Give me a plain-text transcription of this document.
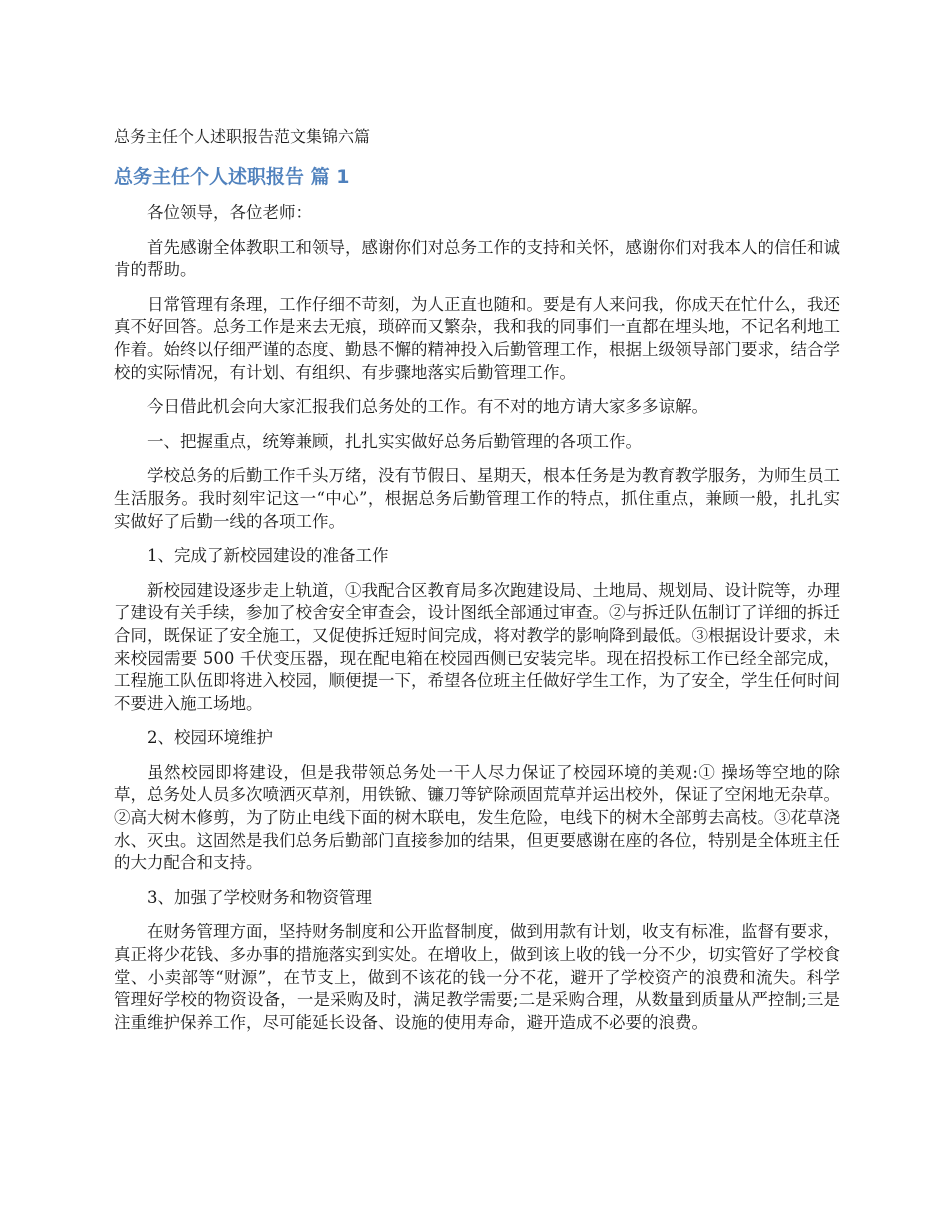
总务主任个人述职报告范文集锦六篇
总务主任个人述职报告 篇 1

各位领导，各位老师：

首先感谢全体教职工和领导，感谢你们对总务工作的支持和关怀，感谢你们对我本人的信任和诚肯的帮助。

日常管理有条理，工作仔细不苛刻，为人正直也随和。要是有人来问我，你成天在忙什么，我还真不好回答。总务工作是来去无痕，琐碎而又繁杂，我和我的同事们一直都在埋头地，不记名利地工作着。始终以仔细严谨的态度、勤恳不懈的精神投入后勤管理工作，根据上级领导部门要求，结合学校的实际情况，有计划、有组织、有步骤地落实后勤管理工作。

今日借此机会向大家汇报我们总务处的工作。有不对的地方请大家多多谅解。

一、把握重点，统筹兼顾，扎扎实实做好总务后勤管理的各项工作。

学校总务的后勤工作千头万绪，没有节假日、星期天，根本任务是为教育教学服务，为师生员工生活服务。我时刻牢记这一“中心”，根据总务后勤管理工作的特点，抓住重点，兼顾一般，扎扎实实做好了后勤一线的各项工作。

1、完成了新校园建设的准备工作

新校园建设逐步走上轨道，①我配合区教育局多次跑建设局、土地局、规划局、设计院等，办理了建设有关手续，参加了校舍安全审查会，设计图纸全部通过审查。②与拆迁队伍制订了详细的拆迁合同，既保证了安全施工，又促使拆迁短时间完成，将对教学的影响降到最低。③根据设计要求，未来校园需要 500 千伏变压器，现在配电箱在校园西侧已安装完毕。现在招投标工作已经全部完成，工程施工队伍即将进入校园，顺便提一下，希望各位班主任做好学生工作，为了安全，学生任何时间不要进入施工场地。

2、校园环境维护

虽然校园即将建设，但是我带领总务处一干人尽力保证了校园环境的美观:① 操场等空地的除草，总务处人员多次喷洒灭草剂，用铁锨、镰刀等铲除顽固荒草并运出校外，保证了空闲地无杂草。②高大树木修剪，为了防止电线下面的树木联电，发生危险，电线下的树木全部剪去高枝。③花草浇水、灭虫。这固然是我们总务后勤部门直接参加的结果，但更要感谢在座的各位，特别是全体班主任的大力配合和支持。

3、加强了学校财务和物资管理

在财务管理方面，坚持财务制度和公开监督制度，做到用款有计划，收支有标准，监督有要求，真正将少花钱、多办事的措施落实到实处。在增收上，做到该上收的钱一分不少，切实管好了学校食堂、小卖部等“财源”，在节支上，做到不该花的钱一分不花，避开了学校资产的浪费和流失。科学管理好学校的物资设备，一是采购及时，满足教学需要;二是采购合理，从数量到质量从严控制;三是注重维护保养工作，尽可能延长设备、设施的使用寿命，避开造成不必要的浪费。
